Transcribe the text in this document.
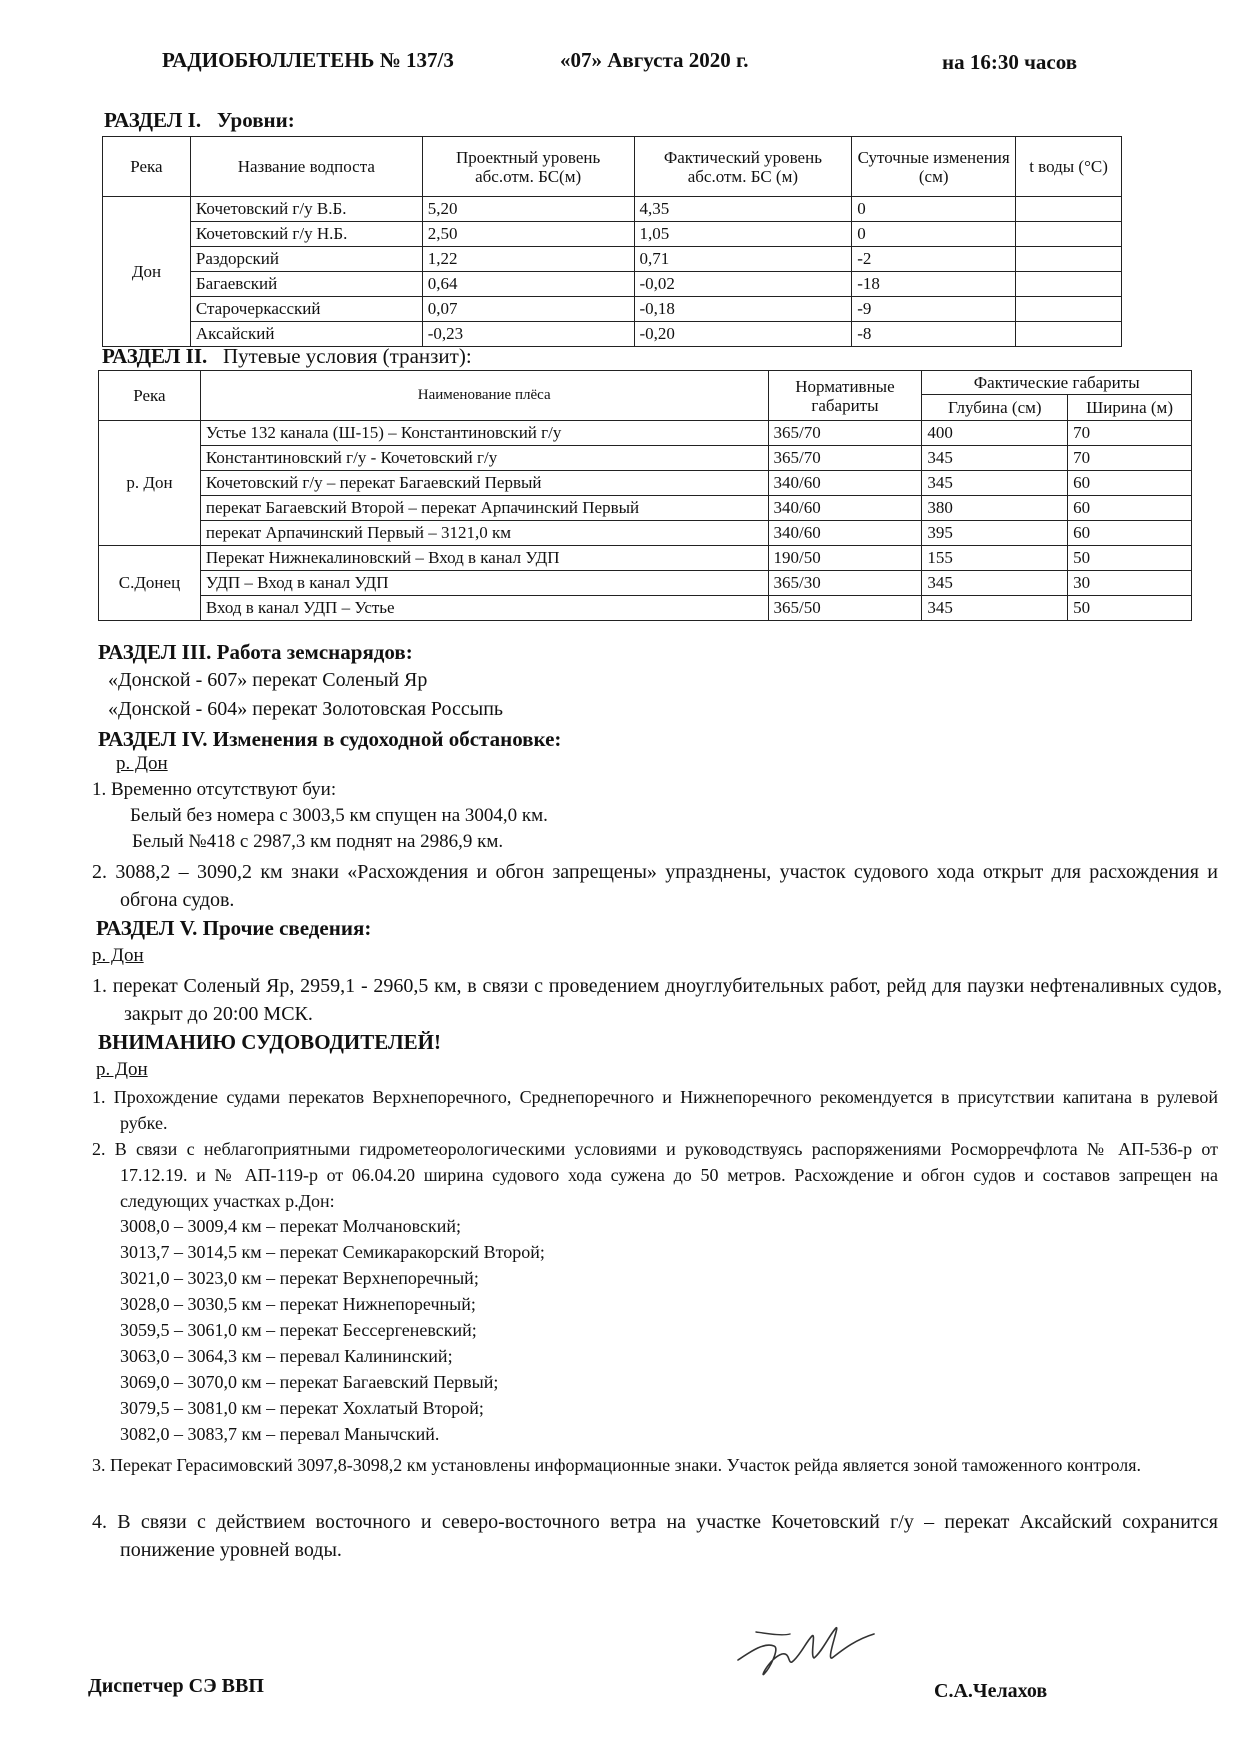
РАДИОБЮЛЛЕТЕНЬ № 137/3	«07» Августа 2020 г.	на 16:30 часов
РАЗДЕЛ I. Уровни:
Река	Название водпоста	Проектный уровень абс.отм. БС(м)	Фактический уровень абс.отм. БС (м)	Суточные изменения (см)	t воды (°С)
Дон	Кочетовский г/у В.Б.	5,20	4,35	0	
	Кочетовский г/у Н.Б.	2,50	1,05	0	
	Раздорский	1,22	0,71	-2	
	Багаевский	0,64	-0,02	-18	
	Старочеркасский	0,07	-0,18	-9	
	Аксайский	-0,23	-0,20	-8	
РАЗДЕЛ II. Путевые условия (транзит):
Река	Наименование плёса	Нормативные габариты	Фактические габариты	
			Глубина (см)	Ширина (м)
р. Дон	Устье 132 канала (Ш-15) – Константиновский г/у	365/70	400	70
	Константиновский г/у - Кочетовский г/у	365/70	345	70
	Кочетовский г/у – перекат Багаевский Первый	340/60	345	60
	перекат Багаевский Второй – перекат Арпачинский Первый	340/60	380	60
	перекат Арпачинский Первый – 3121,0 км	340/60	395	60
С.Донец	Перекат Нижнекалиновский – Вход в канал УДП	190/50	155	50
	УДП – Вход в канал УДП	365/30	345	30
	Вход в канал УДП – Устье	365/50	345	50
РАЗДЕЛ III. Работа земснарядов:
«Донской - 607» перекат Соленый Яр
«Донской - 604» перекат Золотовская Россыпь
РАЗДЕЛ IV. Изменения в судоходной обстановке:
р. Дон
1. Временно отсутствуют буи:
Белый без номера с 3003,5 км спущен на 3004,0 км.
Белый №418 с 2987,3 км поднят на 2986,9 км.
2. 3088,2 – 3090,2 км знаки «Расхождения и обгон запрещены» упразднены, участок судового хода открыт для расхождения и обгона судов.
РАЗДЕЛ V. Прочие сведения:
р. Дон
1. перекат Соленый Яр, 2959,1 - 2960,5 км, в связи с проведением дноуглубительных работ, рейд для паузки нефтеналивных судов, закрыт до 20:00 МСК.
ВНИМАНИЮ СУДОВОДИТЕЛЕЙ!
р. Дон
1. Прохождение судами перекатов Верхнепоречного, Среднепоречного и Нижнепоречного рекомендуется в присутствии капитана в рулевой рубке.
2. В связи с неблагоприятными гидрометеорологическими условиями и руководствуясь распоряжениями Росморречфлота № АП-536-р от 17.12.19. и № АП-119-р от 06.04.20 ширина судового хода сужена до 50 метров. Расхождение и обгон судов и составов запрещен на следующих участках р.Дон:
3008,0 – 3009,4 км – перекат Молчановский;
3013,7 – 3014,5 км – перекат Семикаракорский Второй;
3021,0 – 3023,0 км – перекат Верхнепоречный;
3028,0 – 3030,5 км – перекат Нижнепоречный;
3059,5 – 3061,0 км – перекат Бессергеневский;
3063,0 – 3064,3 км – перевал Калининский;
3069,0 – 3070,0 км – перекат Багаевский Первый;
3079,5 – 3081,0 км – перекат Хохлатый Второй;
3082,0 – 3083,7 км – перевал Манычский.
3. Перекат Герасимовский 3097,8-3098,2 км установлены информационные знаки. Участок рейда является зоной таможенного контроля.
4. В связи с действием восточного и северо-восточного ветра на участке Кочетовский г/у – перекат Аксайский сохранится понижение уровней воды.
Диспетчер СЭ ВВП	С.А.Челахов
